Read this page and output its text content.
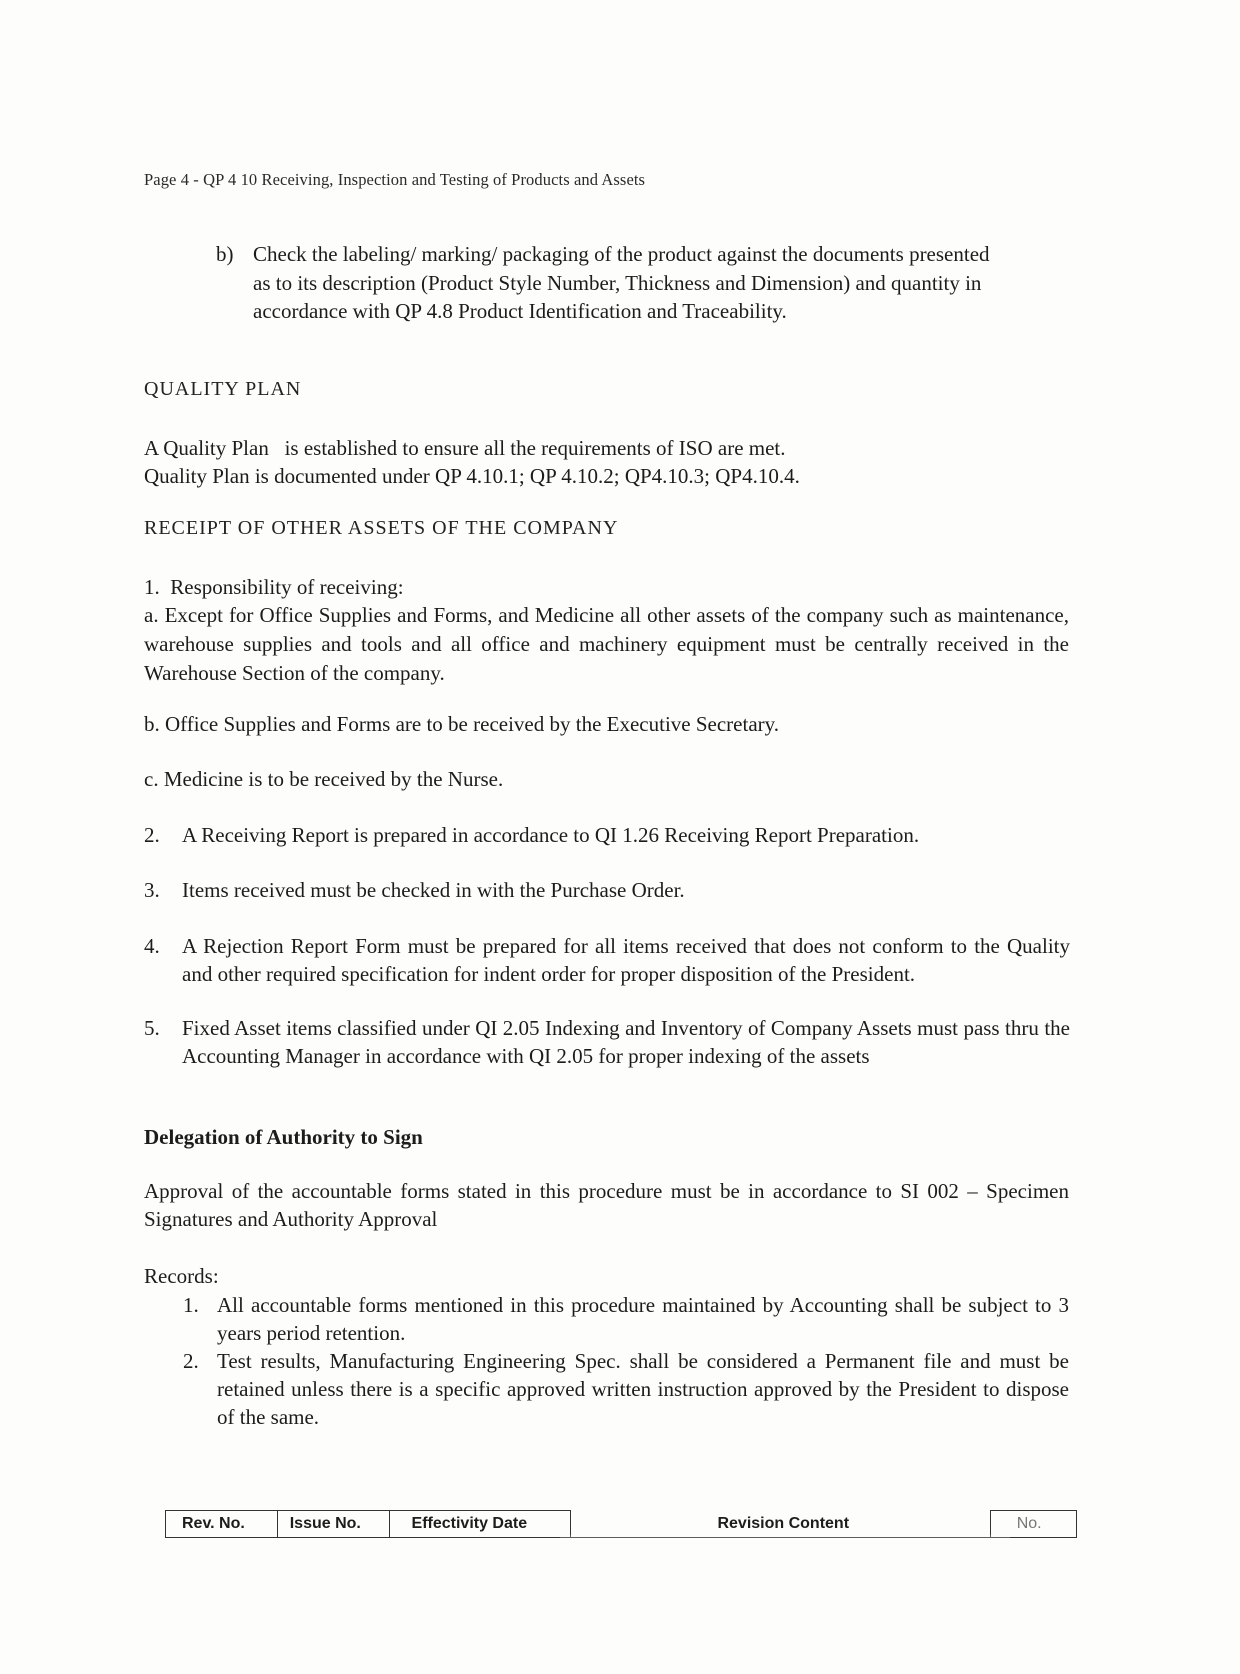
Page 4 - QP 4 10 Receiving, Inspection and Testing of Products and Assets
b) Check the labeling/ marking/ packaging of the product against the documents presented
as to its description (Product Style Number, Thickness and Dimension) and quantity in
accordance with QP 4.8 Product Identification and Traceability.
QUALITY PLAN
A Quality Plan   is established to ensure all the requirements of ISO are met.
Quality Plan is documented under QP 4.10.1; QP 4.10.2; QP4.10.3; QP4.10.4.
RECEIPT OF OTHER ASSETS OF THE COMPANY
1.  Responsibility of receiving:
a. Except for Office Supplies and Forms, and Medicine all other assets of the company such as maintenance, warehouse supplies and tools and all office and machinery equipment must be centrally received in the Warehouse Section of the company.
b. Office Supplies and Forms are to be received by the Executive Secretary.
c. Medicine is to be received by the Nurse.
2.	A Receiving Report is prepared in accordance to QI 1.26 Receiving Report Preparation.
3.	Items received must be checked in with the Purchase Order.
4.	A Rejection Report Form must be prepared for all items received that does not conform to the Quality and other required specification for indent order for proper disposition of the President.
5.	Fixed Asset items classified under QI 2.05 Indexing and Inventory of Company Assets must pass thru the Accounting Manager in accordance with QI 2.05 for proper indexing of the assets
Delegation of Authority to Sign
Approval of the accountable forms stated in this procedure must be in accordance to SI 002 – Specimen Signatures and Authority Approval
Records:
1. All accountable forms mentioned in this procedure maintained by Accounting shall be subject to 3 years period retention.
2. Test results, Manufacturing Engineering Spec. shall be considered a Permanent file and must be retained unless there is a specific approved written instruction approved by the President to dispose of the same.
Rev. No.	Issue No.	Effectivity Date	Revision Content	No.
